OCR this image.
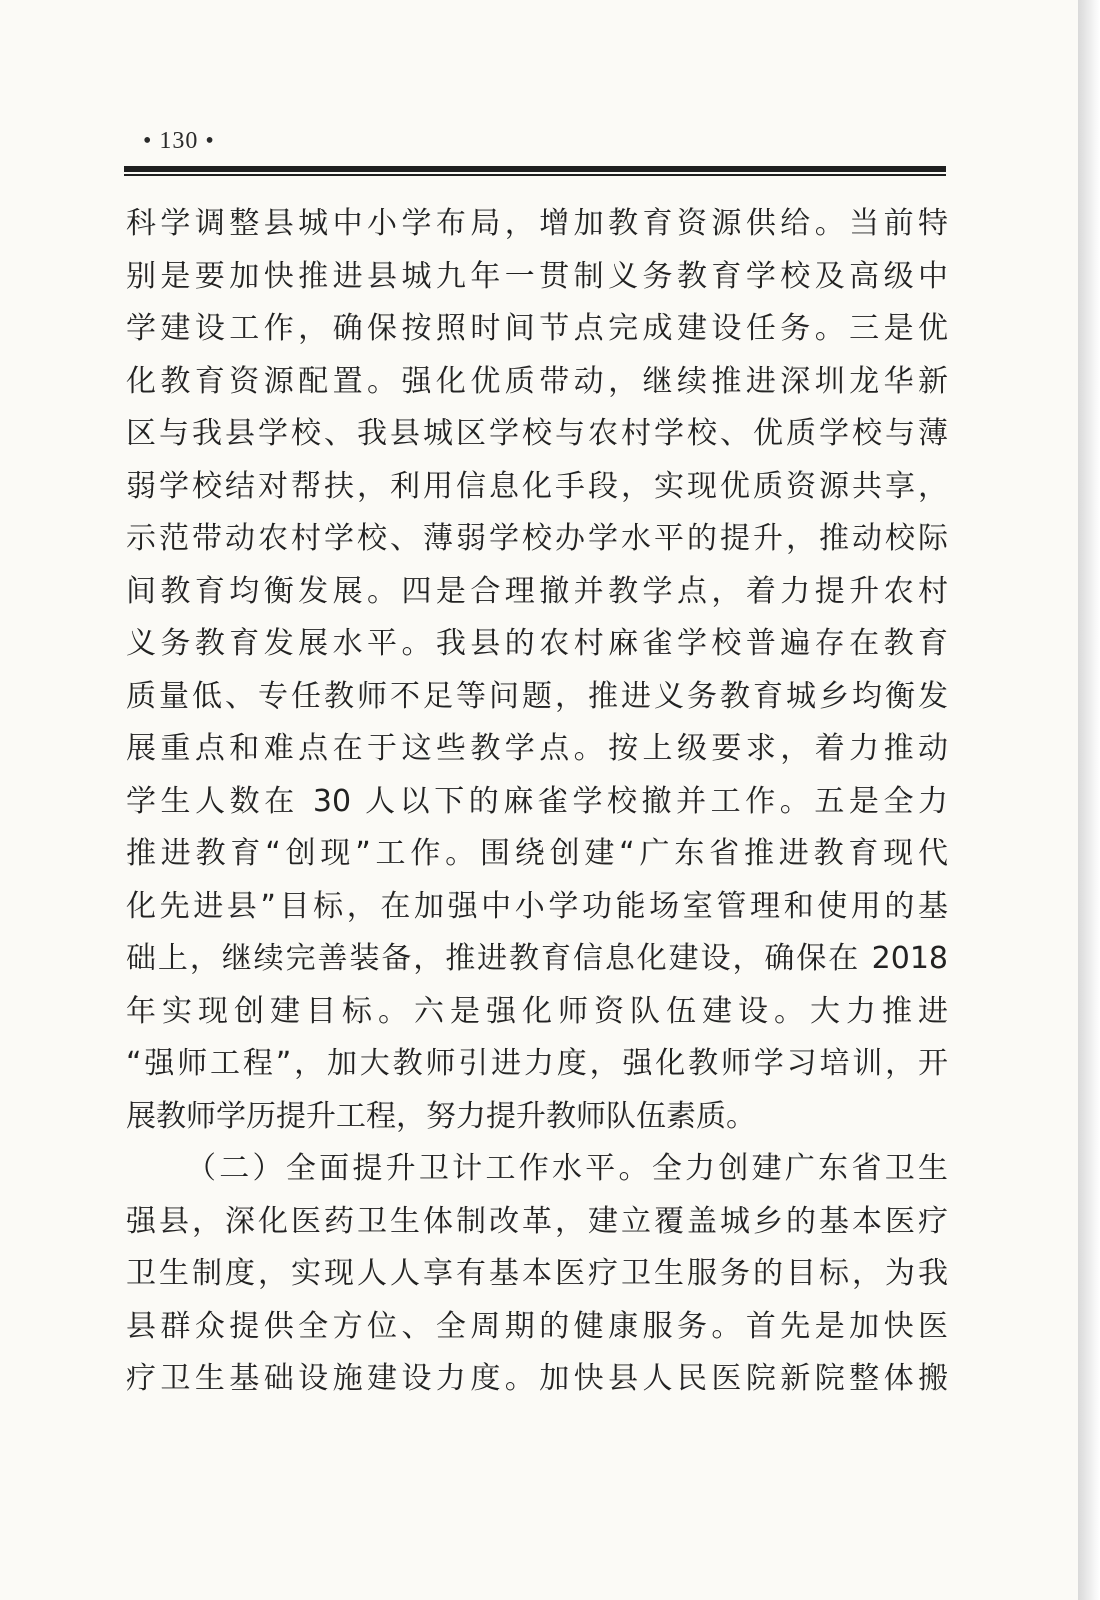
• 130 •
科学调整县城中小学布局，增加教育资源供给。当前特
别是要加快推进县城九年一贯制义务教育学校及高级中
学建设工作，确保按照时间节点完成建设任务。三是优
化教育资源配置。强化优质带动，继续推进深圳龙华新
区与我县学校、我县城区学校与农村学校、优质学校与薄
弱学校结对帮扶，利用信息化手段，实现优质资源共享，
示范带动农村学校、薄弱学校办学水平的提升，推动校际
间教育均衡发展。四是合理撤并教学点，着力提升农村
义务教育发展水平。我县的农村麻雀学校普遍存在教育
质量低、专任教师不足等问题，推进义务教育城乡均衡发
展重点和难点在于这些教学点。按上级要求，着力推动
学生人数在 30 人以下的麻雀学校撤并工作。五是全力
推进教育“创现”工作。围绕创建“广东省推进教育现代
化先进县”目标，在加强中小学功能场室管理和使用的基
础上，继续完善装备，推进教育信息化建设，确保在 2018
年实现创建目标。六是强化师资队伍建设。大力推进
“强师工程”，加大教师引进力度，强化教师学习培训，开
展教师学历提升工程，努力提升教师队伍素质。
（二）全面提升卫计工作水平。全力创建广东省卫生
强县，深化医药卫生体制改革，建立覆盖城乡的基本医疗
卫生制度，实现人人享有基本医疗卫生服务的目标，为我
县群众提供全方位、全周期的健康服务。首先是加快医
疗卫生基础设施建设力度。加快县人民医院新院整体搬
